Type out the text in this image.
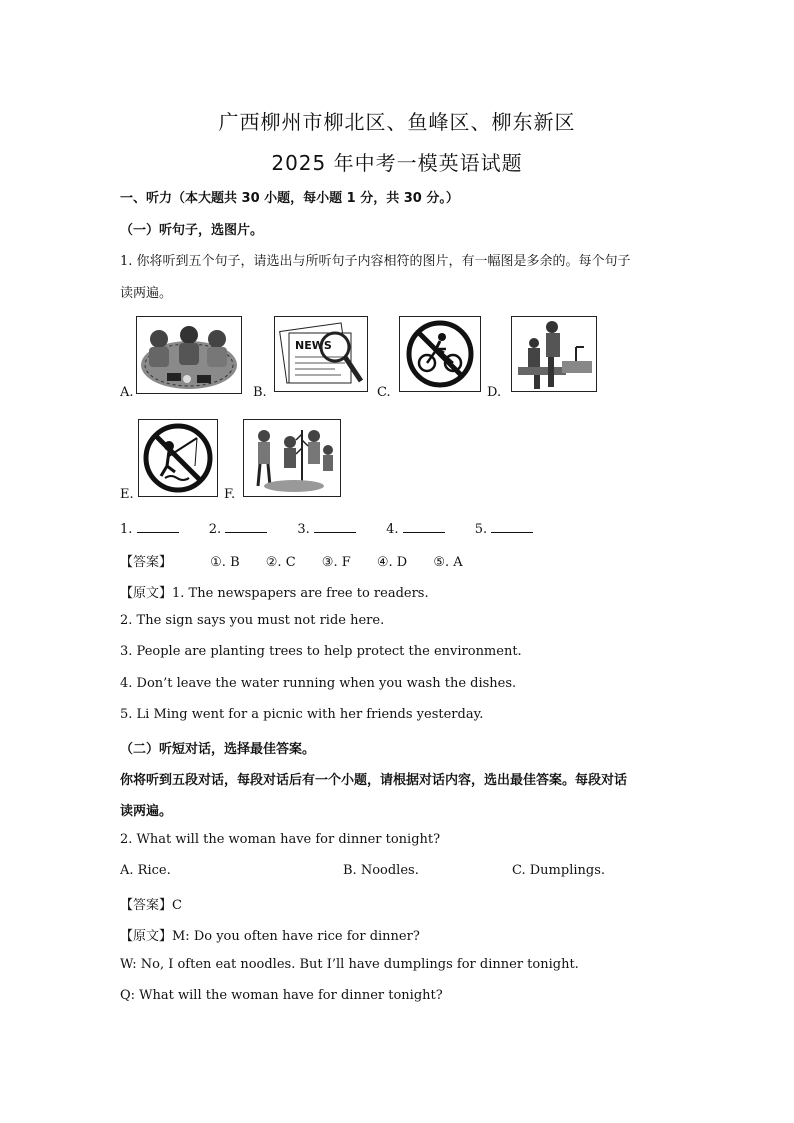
广西柳州市柳北区、鱼峰区、柳东新区
2025 年中考一模英语试题
一、听力（本大题共 30 小题，每小题 1 分，共 30 分。）
（一）听句子，选图片。
1. 你将听到五个句子，请选出与所听句子内容相符的图片，有一幅图是多余的。每个句子
读两遍。
A.	B.
NEWS
C.	D.
E.	F.
1.	2.	3.	4.	5.
【答案】	①. B ②. C ③. F ④. D ⑤. A
【原文】1. The newspapers are free to readers.
2. The sign says you must not ride here.
3. People are planting trees to help protect the environment.
4. Don’t leave the water running when you wash the dishes.
5. Li Ming went for a picnic with her friends yesterday.
（二）听短对话，选择最佳答案。
你将听到五段对话，每段对话后有一个小题，请根据对话内容，选出最佳答案。每段对话
读两遍。
2. What will the woman have for dinner tonight?
A. Rice.	B. Noodles.	C. Dumplings.
【答案】C
【原文】M: Do you often have rice for dinner?
W: No, I often eat noodles. But I’ll have dumplings for dinner tonight.
Q: What will the woman have for dinner tonight?
